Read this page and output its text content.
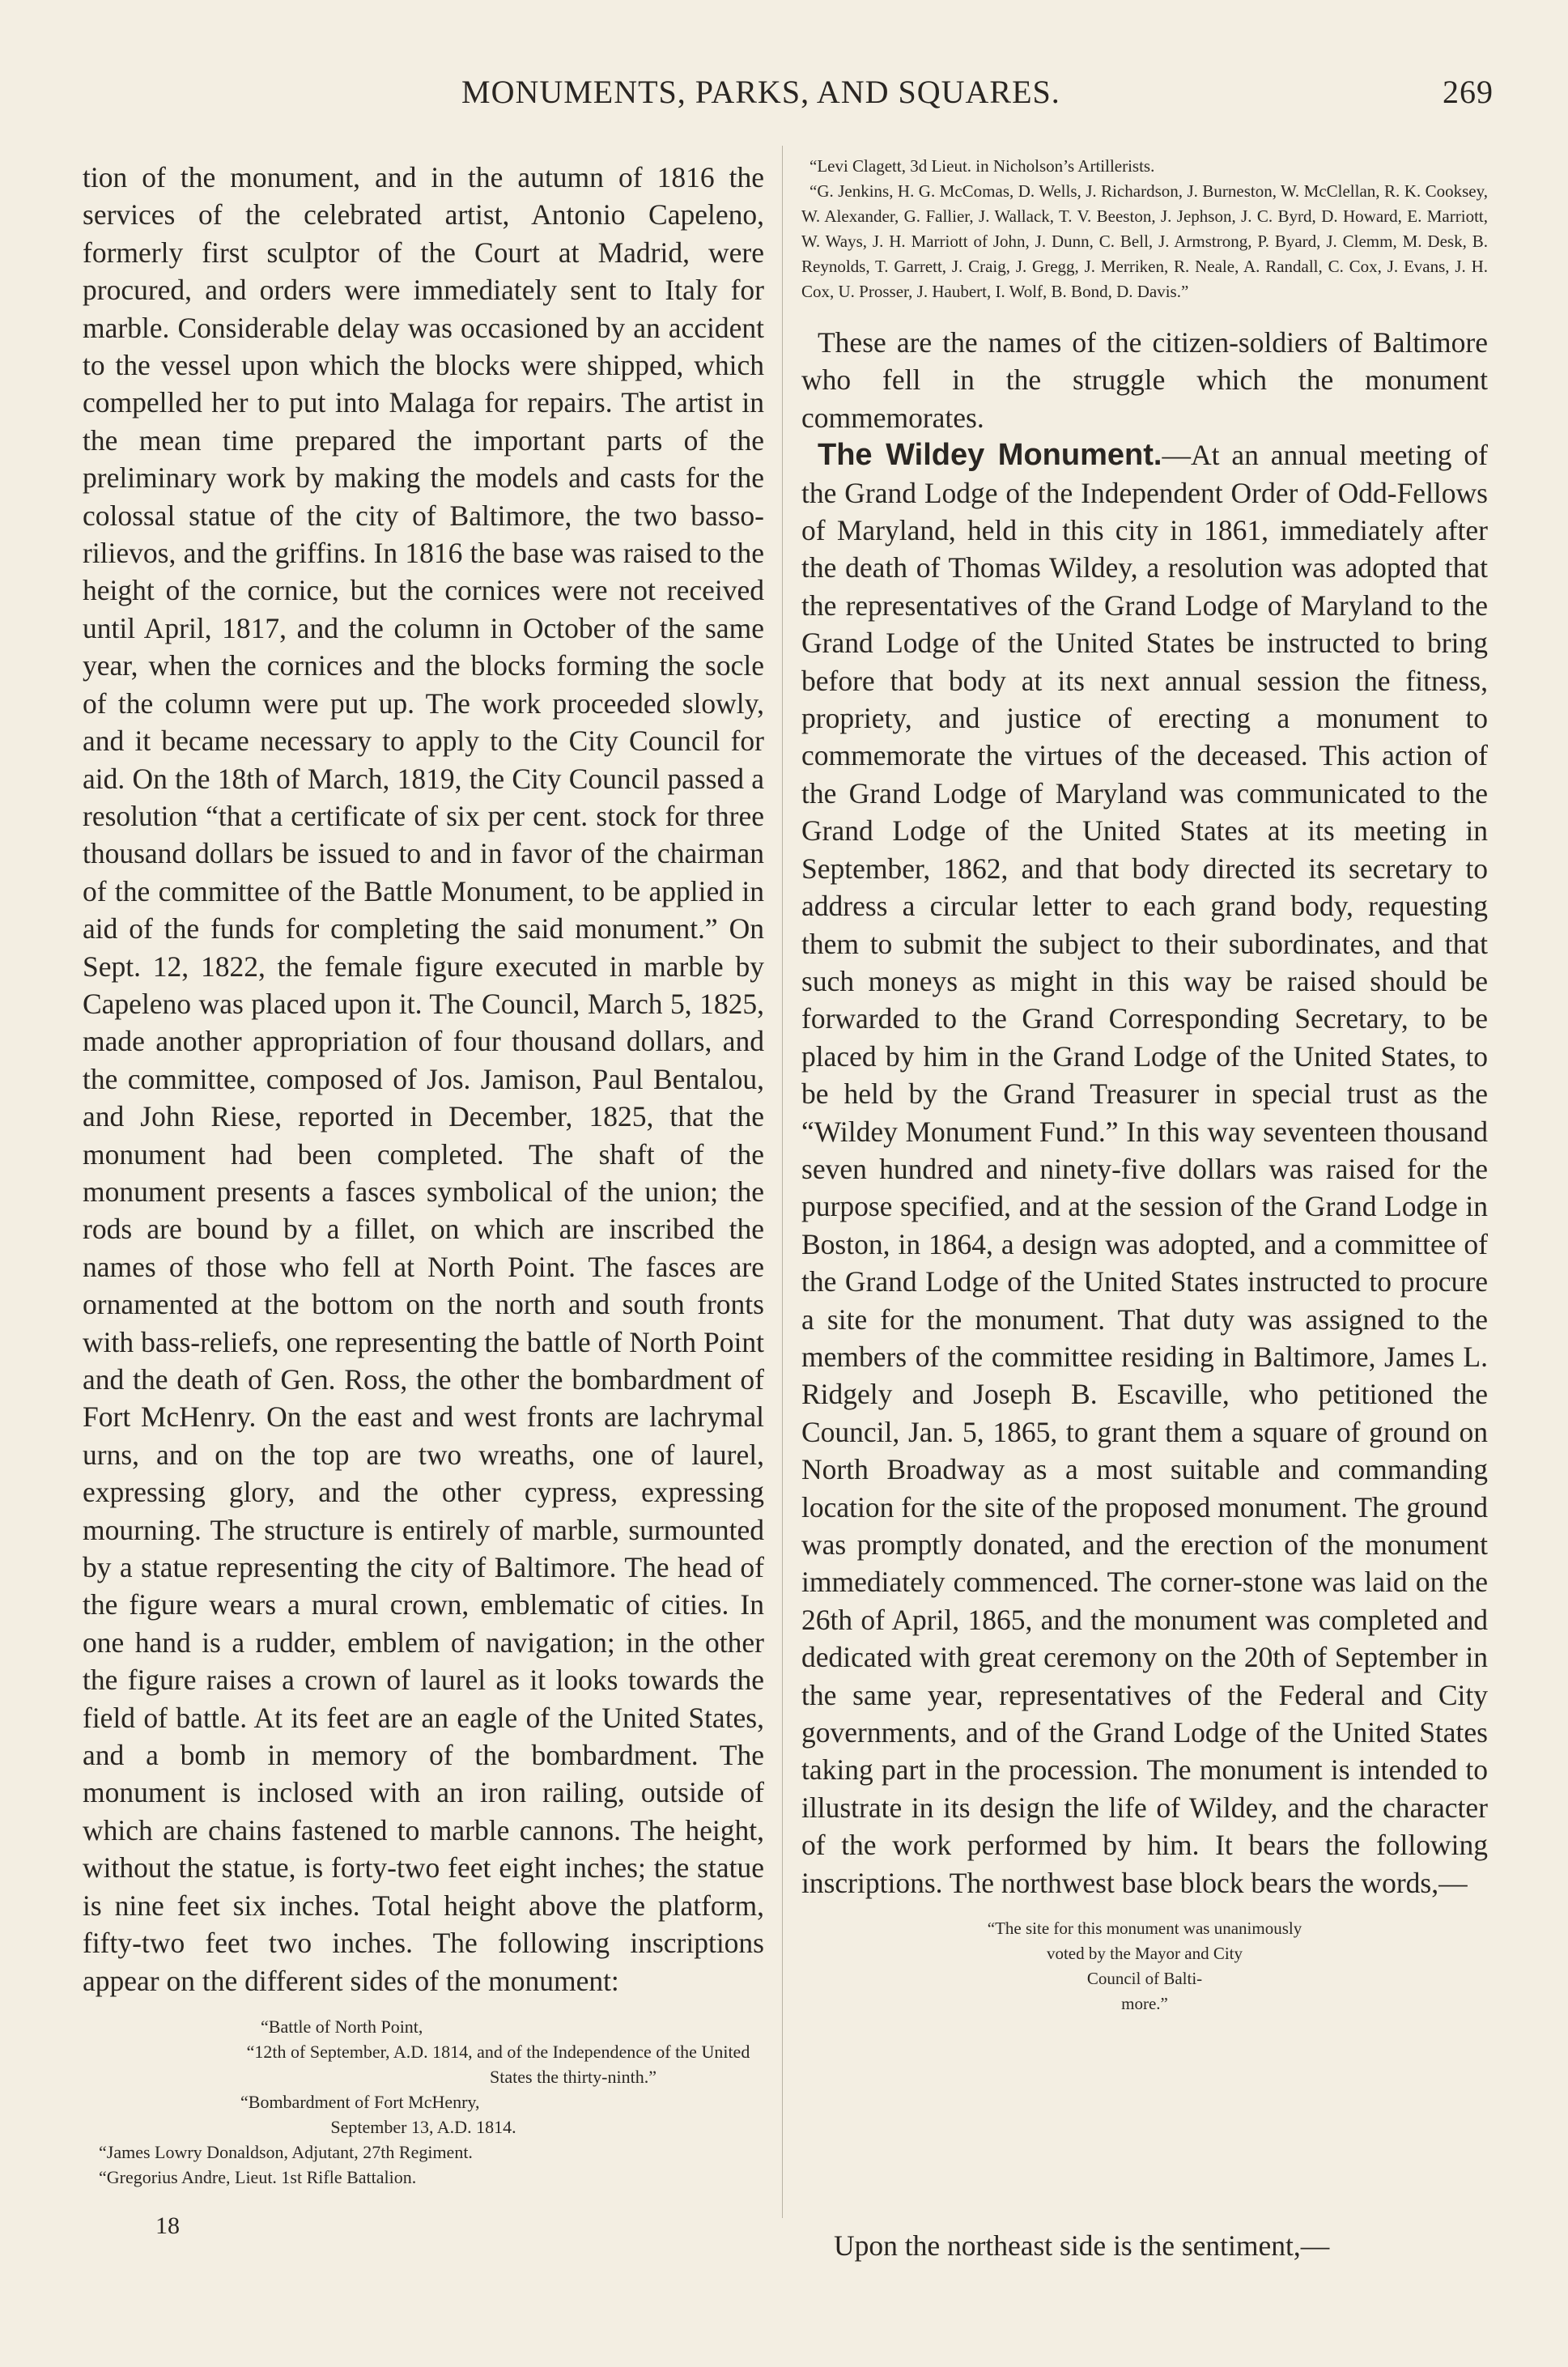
MONUMENTS, PARKS, AND SQUARES.	269

tion of the monument, and in the autumn of 1816 the services of the celebrated artist, Antonio Capeleno, formerly first sculptor of the Court at Madrid, were procured, and orders were immediately sent to Italy for marble. Considerable delay was occasioned by an accident to the vessel upon which the blocks were shipped, which compelled her to put into Malaga for repairs. The artist in the mean time prepared the important parts of the preliminary work by making the models and casts for the colossal statue of the city of Baltimore, the two basso-rilievos, and the griffins. In 1816 the base was raised to the height of the cornice, but the cornices were not received until April, 1817, and the column in October of the same year, when the cornices and the blocks forming the socle of the column were put up. The work proceeded slowly, and it became necessary to apply to the City Council for aid. On the 18th of March, 1819, the City Council passed a resolution “that a certificate of six per cent. stock for three thousand dollars be issued to and in favor of the chairman of the committee of the Battle Monument, to be applied in aid of the funds for completing the said monument.” On Sept. 12, 1822, the female figure executed in marble by Capeleno was placed upon it. The Council, March 5, 1825, made another appropriation of four thousand dollars, and the committee, composed of Jos. Jamison, Paul Bentalou, and John Riese, reported in December, 1825, that the monument had been completed. The shaft of the monument presents a fasces symbolical of the union; the rods are bound by a fillet, on which are inscribed the names of those who fell at North Point. The fasces are ornamented at the bottom on the north and south fronts with bass-reliefs, one representing the battle of North Point and the death of Gen. Ross, the other the bombardment of Fort McHenry. On the east and west fronts are lachrymal urns, and on the top are two wreaths, one of laurel, expressing glory, and the other cypress, expressing mourning. The structure is entirely of marble, surmounted by a statue representing the city of Baltimore. The head of the figure wears a mural crown, emblematic of cities. In one hand is a rudder, emblem of navigation; in the other the figure raises a crown of laurel as it looks towards the field of battle. At its feet are an eagle of the United States, and a bomb in memory of the bombardment. The monument is inclosed with an iron railing, outside of which are chains fastened to marble cannons. The height, without the statue, is forty-two feet eight inches; the statue is nine feet six inches. Total height above the platform, fifty-two feet two inches. The following inscriptions appear on the different sides of the monument:

“Battle of North Point,
“12th of September, A.D. 1814, and of the Independence of the United States the thirty-ninth.”
“Bombardment of Fort McHenry,
September 13, A.D. 1814.
“James Lowry Donaldson, Adjutant, 27th Regiment.
“Gregorius Andre, Lieut. 1st Rifle Battalion.
18
“Levi Clagett, 3d Lieut. in Nicholson’s Artillerists.
“G. Jenkins, H. G. McComas, D. Wells, J. Richardson, J. Burneston, W. McClellan, R. K. Cooksey, W. Alexander, G. Fallier, J. Wallack, T. V. Beeston, J. Jephson, J. C. Byrd, D. Howard, E. Marriott, W. Ways, J. H. Marriott of John, J. Dunn, C. Bell, J. Armstrong, P. Byard, J. Clemm, M. Desk, B. Reynolds, T. Garrett, J. Craig, J. Gregg, J. Merriken, R. Neale, A. Randall, C. Cox, J. Evans, J. H. Cox, U. Prosser, J. Haubert, I. Wolf, B. Bond, D. Davis.”

These are the names of the citizen-soldiers of Baltimore who fell in the struggle which the monument commemorates.

The Wildey Monument.—At an annual meeting of the Grand Lodge of the Independent Order of Odd-Fellows of Maryland, held in this city in 1861, immediately after the death of Thomas Wildey, a resolution was adopted that the representatives of the Grand Lodge of Maryland to the Grand Lodge of the United States be instructed to bring before that body at its next annual session the fitness, propriety, and justice of erecting a monument to commemorate the virtues of the deceased. This action of the Grand Lodge of Maryland was communicated to the Grand Lodge of the United States at its meeting in September, 1862, and that body directed its secretary to address a circular letter to each grand body, requesting them to submit the subject to their subordinates, and that such moneys as might in this way be raised should be forwarded to the Grand Corresponding Secretary, to be placed by him in the Grand Lodge of the United States, to be held by the Grand Treasurer in special trust as the “Wildey Monument Fund.” In this way seventeen thousand seven hundred and ninety-five dollars was raised for the purpose specified, and at the session of the Grand Lodge in Boston, in 1864, a design was adopted, and a committee of the Grand Lodge of the United States instructed to procure a site for the monument. That duty was assigned to the members of the committee residing in Baltimore, James L. Ridgely and Joseph B. Escaville, who petitioned the Council, Jan. 5, 1865, to grant them a square of ground on North Broadway as a most suitable and commanding location for the site of the proposed monument. The ground was promptly donated, and the erection of the monument immediately commenced. The corner-stone was laid on the 26th of April, 1865, and the monument was completed and dedicated with great ceremony on the 20th of September in the same year, representatives of the Federal and City governments, and of the Grand Lodge of the United States taking part in the procession. The monument is intended to illustrate in its design the life of Wildey, and the character of the work performed by him. It bears the following inscriptions. The northwest base block bears the words,—

“The site for this monument was unanimously
voted by the Mayor and City
Council of Balti-
more.”
Upon the northeast side is the sentiment,—
